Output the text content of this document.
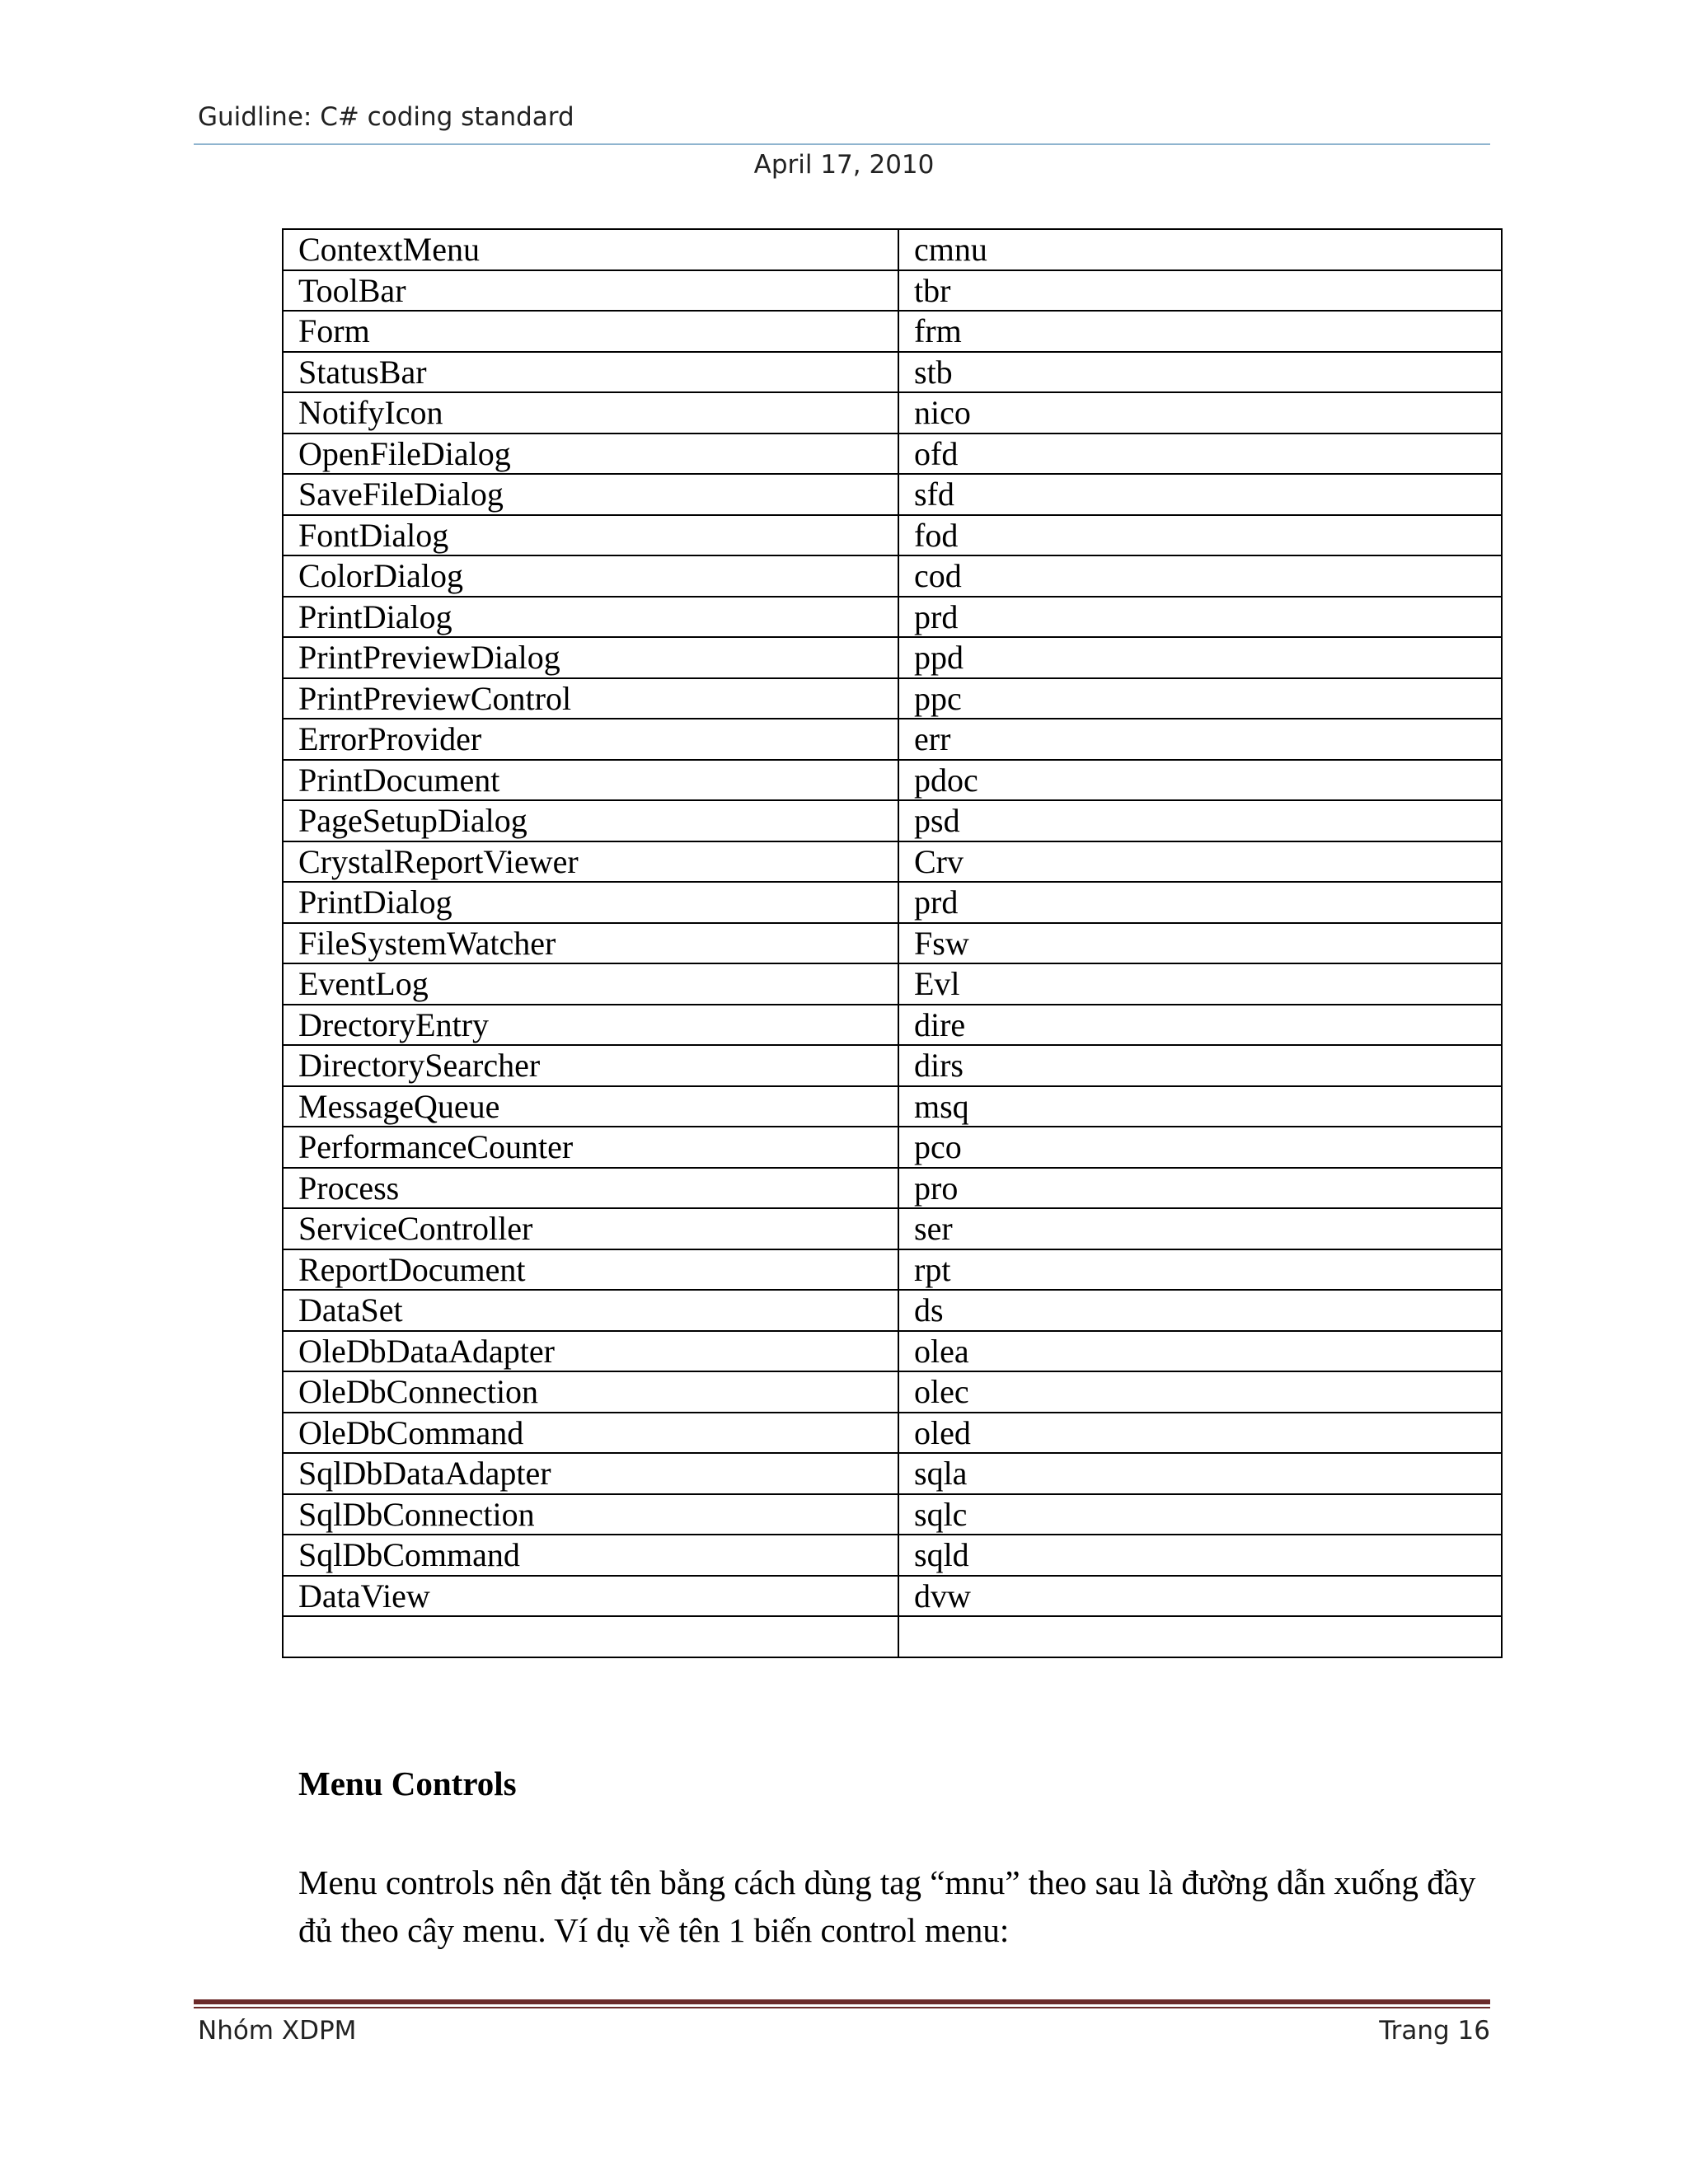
Guidline: C# coding standard
April 17, 2010
ContextMenu	cmnu
ToolBar	tbr
Form	frm
StatusBar	stb
NotifyIcon	nico
OpenFileDialog	ofd
SaveFileDialog	sfd
FontDialog	fod
ColorDialog	cod
PrintDialog	prd
PrintPreviewDialog	ppd
PrintPreviewControl	ppc
ErrorProvider	err
PrintDocument	pdoc
PageSetupDialog	psd
CrystalReportViewer	Crv
PrintDialog	prd
FileSystemWatcher	Fsw
EventLog	Evl
DrectoryEntry	dire
DirectorySearcher	dirs
MessageQueue	msq
PerformanceCounter	pco
Process	pro
ServiceController	ser
ReportDocument	rpt
DataSet	ds
OleDbDataAdapter	olea
OleDbConnection	olec
OleDbCommand	oled
SqlDbDataAdapter	sqla
SqlDbConnection	sqlc
SqlDbCommand	sqld
DataView	dvw

Menu Controls
Menu controls nên đặt tên bằng cách dùng tag “mnu” theo sau là đường dẫn xuống đầy đủ theo cây menu. Ví dụ về tên 1 biến control menu:
Nhóm XDPM	Trang 16
